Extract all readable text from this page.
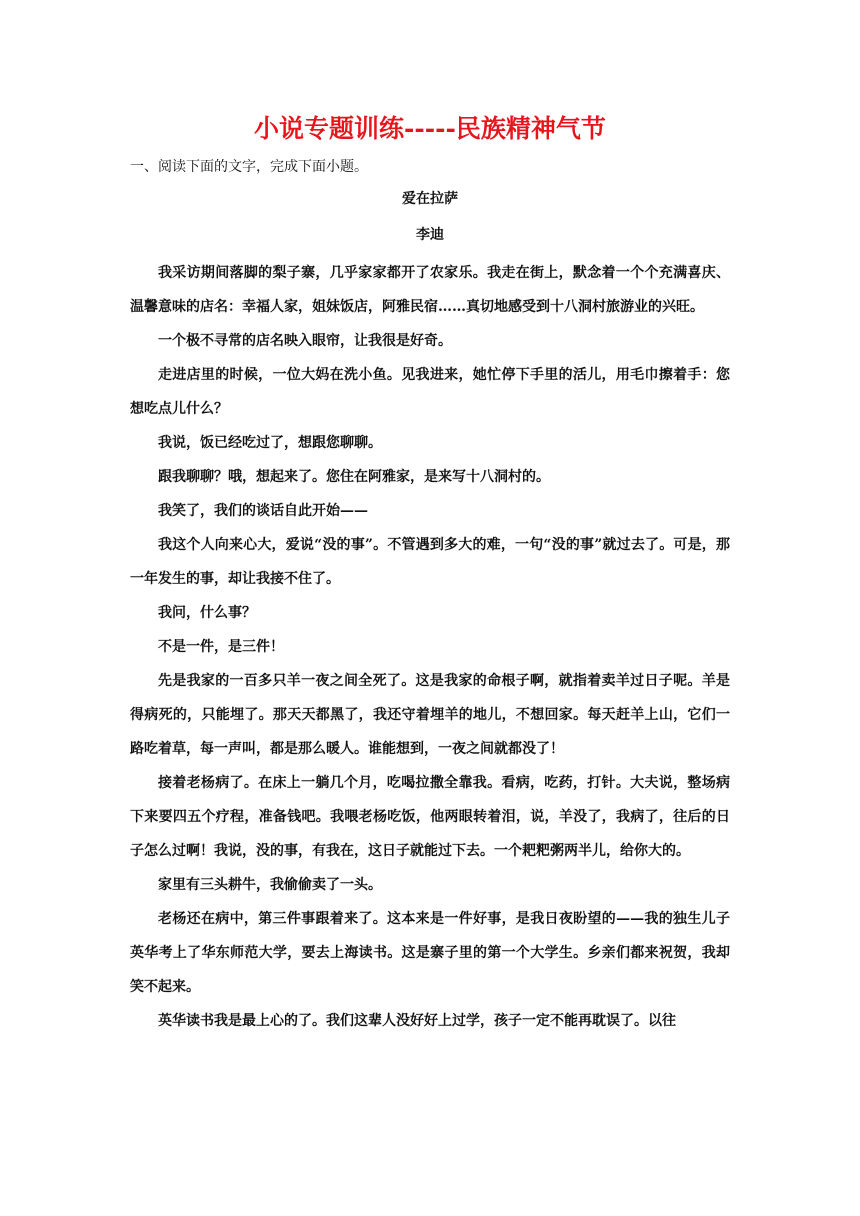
小说专题训练-----民族精神气节
一、阅读下面的文字，完成下面小题。
爱在拉萨
李迪

我采访期间落脚的梨子寨，几乎家家都开了农家乐。我走在街上，默念着一个个充满喜庆、温馨意味的店名：幸福人家，姐妹饭店，阿雅民宿……真切地感受到十八洞村旅游业的兴旺。

一个极不寻常的店名映入眼帘，让我很是好奇。

走进店里的时候，一位大妈在洗小鱼。见我进来，她忙停下手里的活儿，用毛巾擦着手：您想吃点儿什么？

我说，饭已经吃过了，想跟您聊聊。

跟我聊聊？哦，想起来了。您住在阿雅家，是来写十八洞村的。

我笑了，我们的谈话自此开始——

我这个人向来心大，爱说“没的事”。不管遇到多大的难，一句“没的事”就过去了。可是，那一年发生的事，却让我接不住了。

我问，什么事？

不是一件，是三件！

先是我家的一百多只羊一夜之间全死了。这是我家的命根子啊，就指着卖羊过日子呢。羊是得病死的，只能埋了。那天天都黑了，我还守着埋羊的地儿，不想回家。每天赶羊上山，它们一路吃着草，每一声叫，都是那么暖人。谁能想到，一夜之间就都没了！

接着老杨病了。在床上一躺几个月，吃喝拉撒全靠我。看病，吃药，打针。大夫说，整场病下来要四五个疗程，准备钱吧。我喂老杨吃饭，他两眼转着泪，说，羊没了，我病了，往后的日子怎么过啊！我说，没的事，有我在，这日子就能过下去。一个耙粑粥两半儿，给你大的。

家里有三头耕牛，我偷偷卖了一头。

老杨还在病中，第三件事跟着来了。这本来是一件好事，是我日夜盼望的——我的独生儿子英华考上了华东师范大学，要去上海读书。这是寨子里的第一个大学生。乡亲们都来祝贺，我却笑不起来。

英华读书我是最上心的了。我们这辈人没好好上过学，孩子一定不能再耽误了。以往
